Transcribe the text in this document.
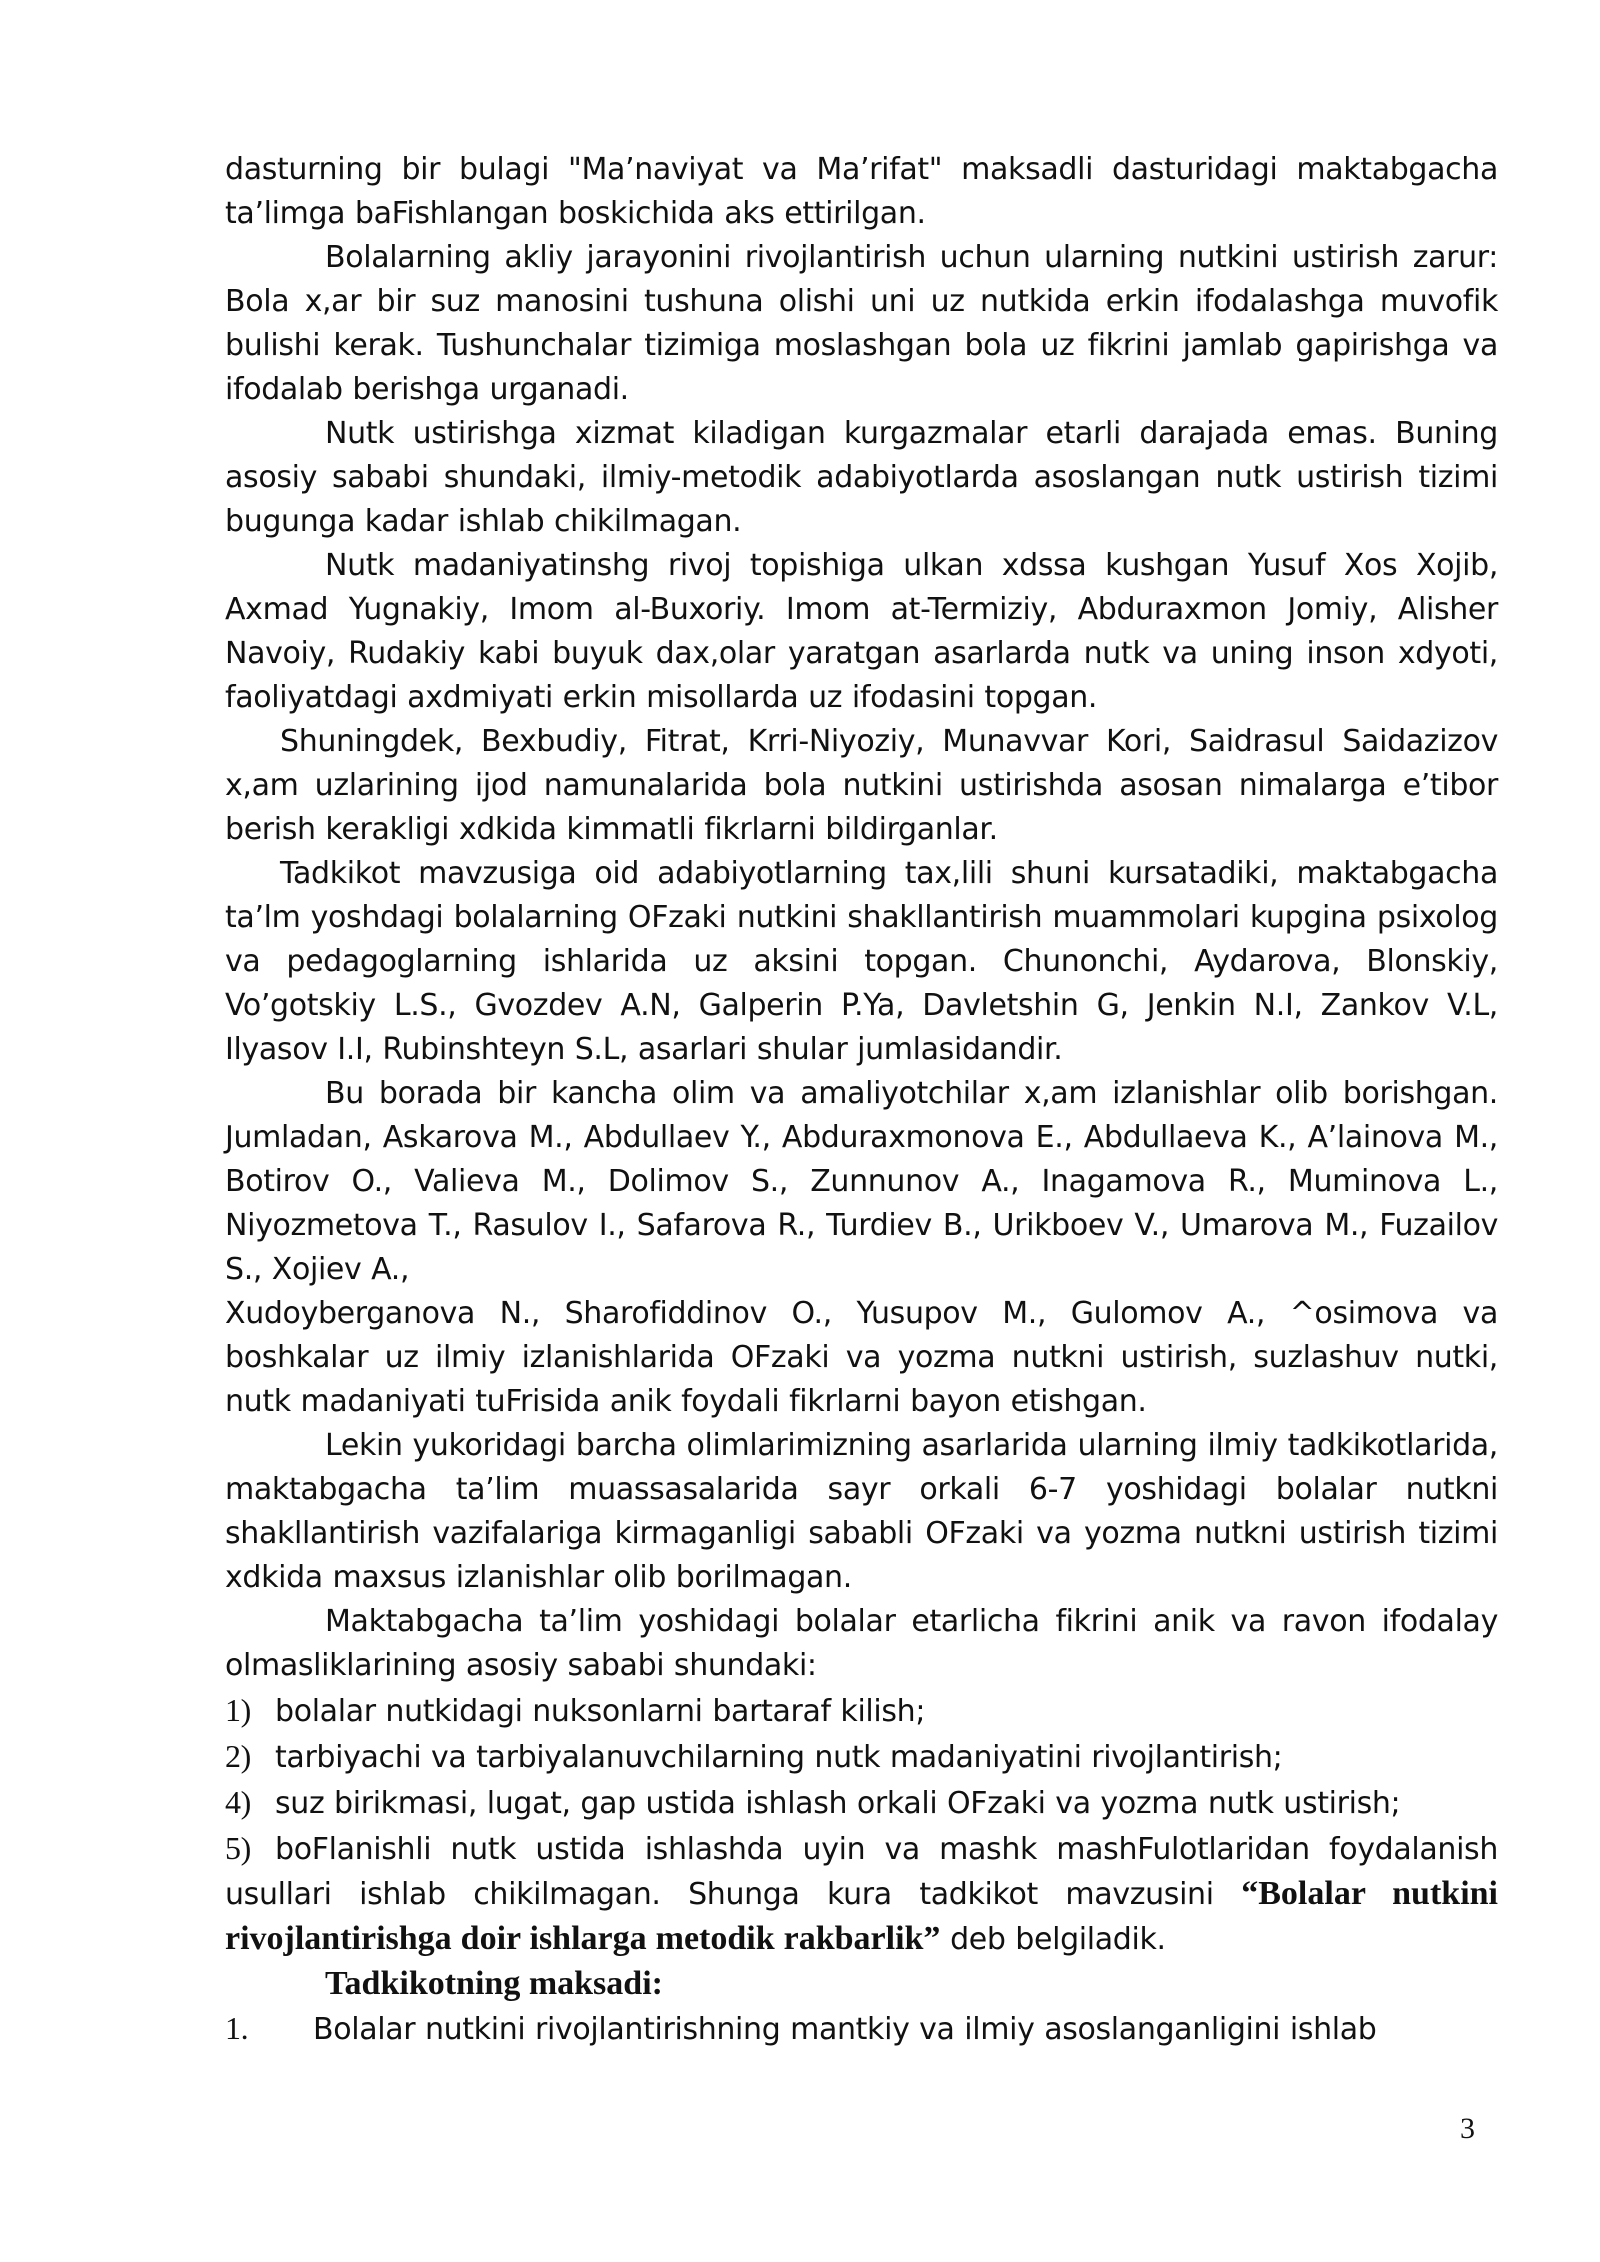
dasturning bir bulagi "Ma’naviyat va Ma’rifat" maksadli dasturidagi maktabgacha ta’limga baFishlangan boskichida aks ettirilgan.

Bolalarning akliy jarayonini rivojlantirish uchun ularning nutkini ustirish zarur: Bola x,ar bir suz manosini tushuna olishi uni uz nutkida erkin ifodalashga muvofik bulishi kerak. Tushunchalar tizimiga moslashgan bola uz fikrini jamlab gapirishga va ifodalab berishga urganadi.

Nutk ustirishga xizmat kiladigan kurgazmalar etarli darajada emas. Buning asosiy sababi shundaki, ilmiy-metodik adabiyotlarda asoslangan nutk ustirish tizimi bugunga kadar ishlab chikilmagan.

Nutk madaniyatinshg rivoj topishiga ulkan xdssa kushgan Yusuf Xos Xojib, Axmad Yugnakiy, Imom al-Buxoriy. Imom at-Termiziy, Abduraxmon Jomiy, Alisher Navoiy, Rudakiy kabi buyuk dax,olar yaratgan asarlarda nutk va uning inson xdyoti, faoliyatdagi axdmiyati erkin misollarda uz ifodasini topgan.

Shuningdek, Bexbudiy, Fitrat, Krri-Niyoziy, Munavvar Kori, Saidrasul Saidazizov x,am uzlarining ijod namunalarida bola nutkini ustirishda asosan nimalarga e’tibor berish kerakligi xdkida kimmatli fikrlarni bildirganlar.

Tadkikot mavzusiga oid adabiyotlarning tax,lili shuni kursatadiki, maktabgacha ta’lm yoshdagi bolalarning OFzaki nutkini shakllantirish muammolari kupgina psixolog va pedagoglarning ishlarida uz aksini topgan. Chunonchi, Aydarova, Blonskiy, Vo’gotskiy L.S., Gvozdev A.N, Galperin P.Ya, Davletshin G, Jenkin N.I, Zankov V.L, Ilyasov I.I, Rubinshteyn S.L, asarlari shular jumlasidandir.

Bu borada bir kancha olim va amaliyotchilar x,am izlanishlar olib borishgan. Jumladan, Askarova M., Abdullaev Y., Abduraxmonova E., Abdullaeva K., A’lainova M., Botirov O., Valieva M., Dolimov S., Zunnunov A., Inagamova R., Muminova L., Niyozmetova T., Rasulov I., Safarova R., Turdiev B., Urikboev V., Umarova M., Fuzailov S., Xojiev A.,

Xudoyberganova N., Sharofiddinov O., Yusupov M., Gulomov A., ^osimova va boshkalar uz ilmiy izlanishlarida OFzaki va yozma nutkni ustirish, suzlashuv nutki, nutk madaniyati tuFrisida anik foydali fikrlarni bayon etishgan.

Lekin yukoridagi barcha olimlarimizning asarlarida ularning ilmiy tadkikotlarida, maktabgacha ta’lim muassasalarida sayr orkali 6-7 yoshidagi bolalar nutkni shakllantirish vazifalariga kirmaganligi sababli OFzaki va yozma nutkni ustirish tizimi xdkida maxsus izlanishlar olib borilmagan.

Maktabgacha ta’lim yoshidagi bolalar etarlicha fikrini anik va ravon ifodalay olmasliklarining asosiy sababi shundaki:

1) bolalar nutkidagi nuksonlarni bartaraf kilish;

2) tarbiyachi va tarbiyalanuvchilarning nutk madaniyatini rivojlantirish;

4) suz birikmasi, lugat, gap ustida ishlash orkali OFzaki va yozma nutk ustirish;

5) boFlanishli nutk ustida ishlashda uyin va mashk mashFulotlaridan foydalanish usullari ishlab chikilmagan. Shunga kura tadkikot mavzusini “Bolalar nutkini rivojlantirishga doir ishlarga metodik rakbarlik” deb belgiladik.

Tadkikotning maksadi:

1. Bolalar nutkini rivojlantirishning mantkiy va ilmiy asoslanganligini ishlab

3
